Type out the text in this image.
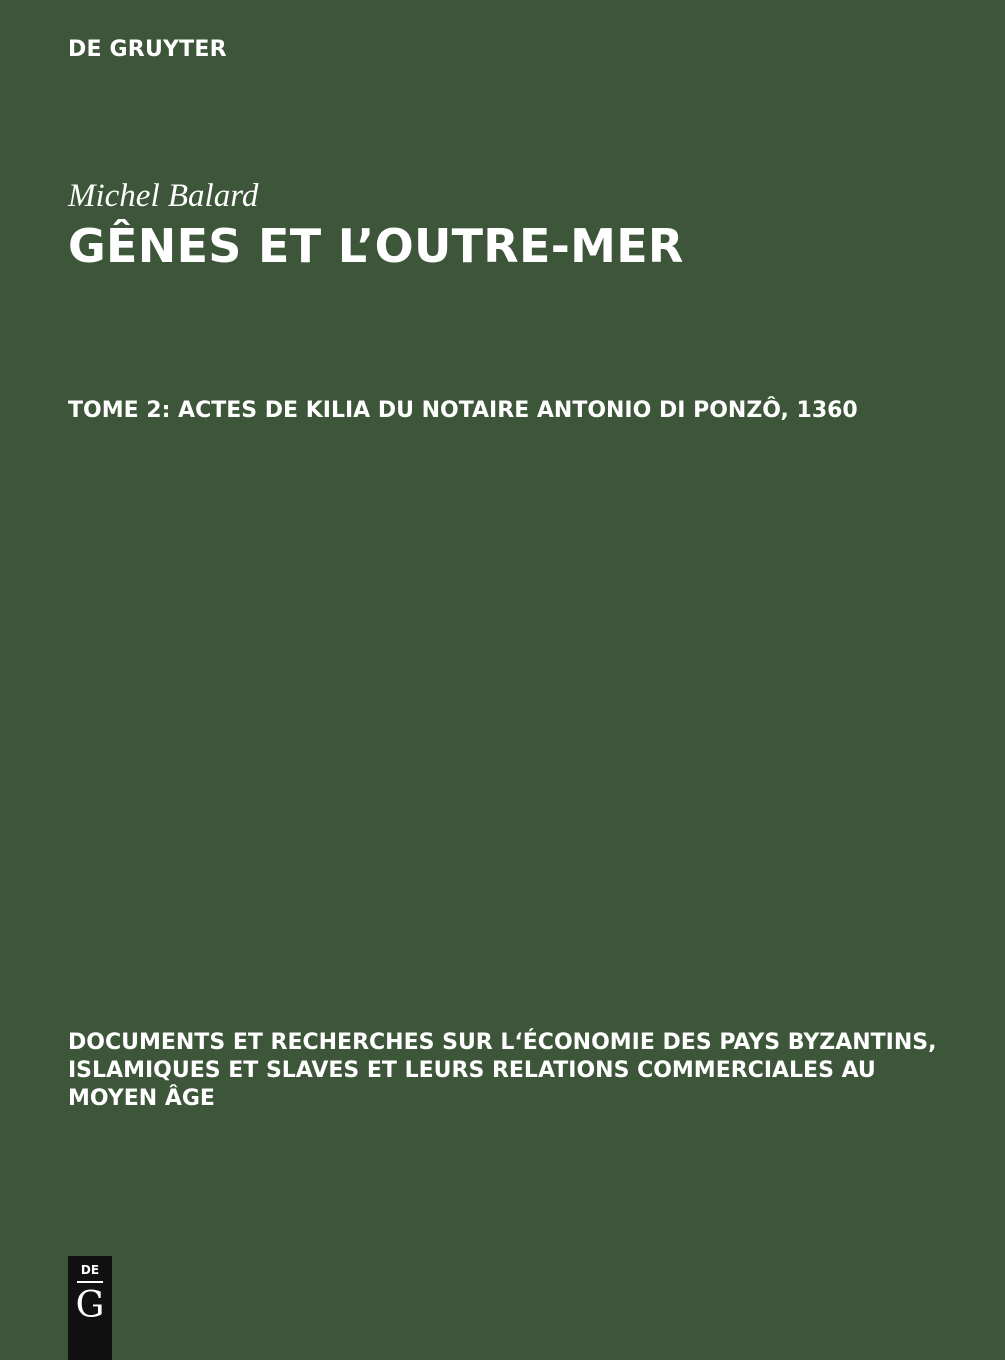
DE GRUYTER
Michel Balard
GÊNES ET L’OUTRE-MER
TOME 2: ACTES DE KILIA DU NOTAIRE ANTONIO DI PONZÔ, 1360
DOCUMENTS ET RECHERCHES SUR L‘ÉCONOMIE DES PAYS BYZANTINS,
ISLAMIQUES ET SLAVES ET LEURS RELATIONS COMMERCIALES AU
MOYEN ÂGE
DE
G
